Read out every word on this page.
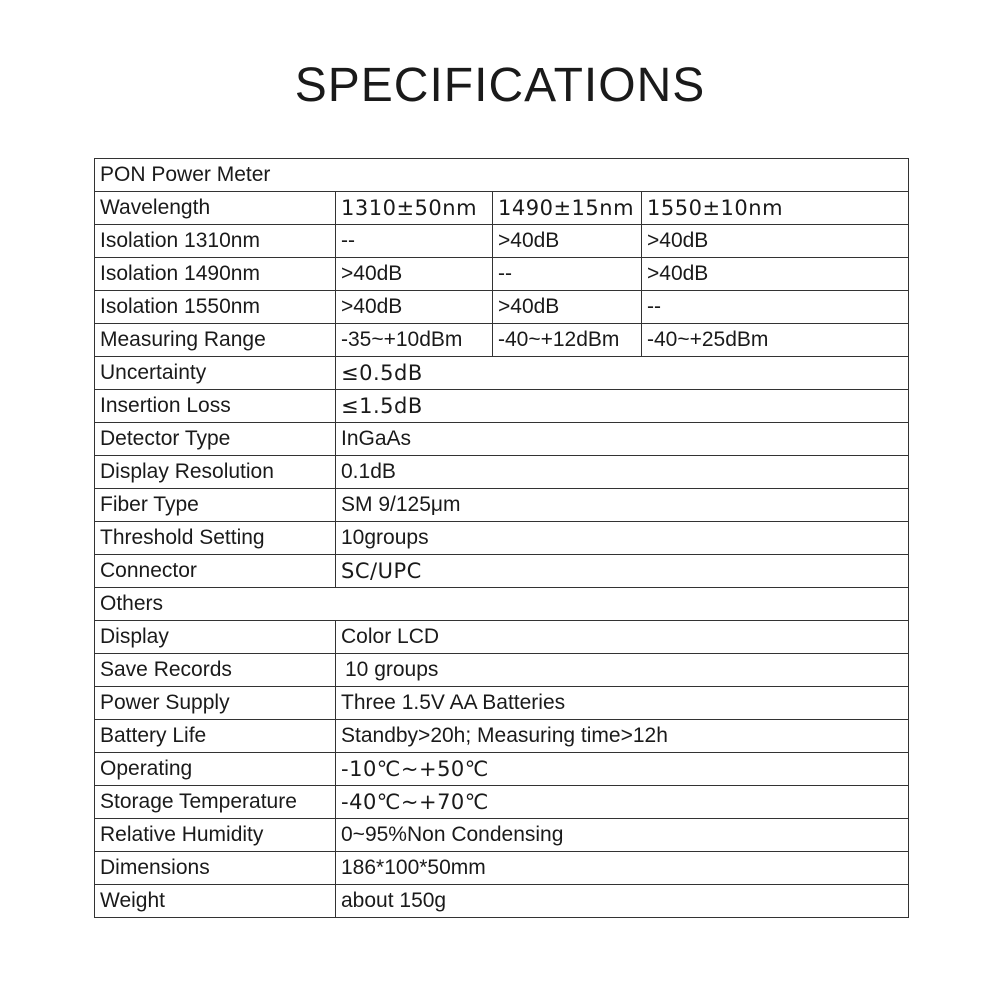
SPECIFICATIONS
PON Power Meter			
Wavelength	1310±50nm	1490±15nm	1550±10nm
Isolation 1310nm	--	>40dB	>40dB
Isolation 1490nm	>40dB	--	>40dB
Isolation 1550nm	>40dB	>40dB	--
Measuring Range	-35~+10dBm	-40~+12dBm	-40~+25dBm
Uncertainty	≤0.5dB		
Insertion Loss	≤1.5dB		
Detector Type	InGaAs		
Display Resolution	0.1dB		
Fiber Type	SM 9/125μm		
Threshold Setting	10groups		
Connector	SC/UPC		
Others			
Display	Color LCD		
Save Records	10 groups		
Power Supply	Three 1.5V AA Batteries		
Battery Life	Standby>20h; Measuring time>12h		
Operating	-10℃~+50℃		
Storage Temperature	-40℃~+70℃		
Relative Humidity	0~95%Non Condensing		
Dimensions	186*100*50mm		
Weight	about 150g		
